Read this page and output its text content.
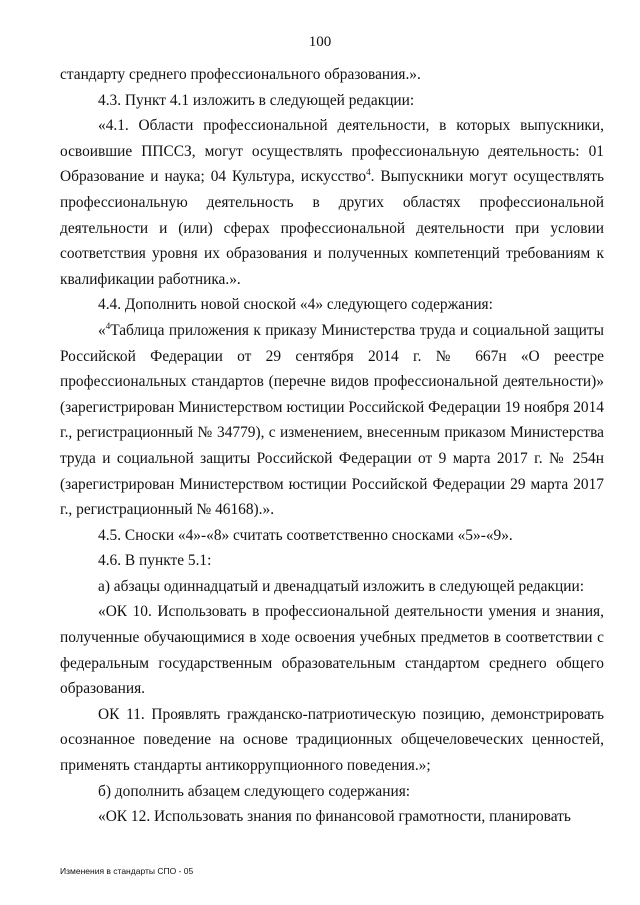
100

стандарту среднего профессионального образования.».

4.3. Пункт 4.1 изложить в следующей редакции:

«4.1. Области профессиональной деятельности, в которых выпускники, освоившие ППССЗ, могут осуществлять профессиональную деятельность: 01 Образование и наука; 04 Культура, искусство$^4$. Выпускники могут осуществлять профессиональную деятельность в других областях профессиональной деятельности и (или) сферах профессиональной деятельности при условии соответствия уровня их образования и полученных компетенций требованиям к квалификации работника.».

4.4. Дополнить новой сноской «4» следующего содержания:

«$^4$Таблица приложения к приказу Министерства труда и социальной защиты Российской Федерации от 29 сентября 2014 г. № 667н «О реестре профессиональных стандартов (перечне видов профессиональной деятельности)» (зарегистрирован Министерством юстиции Российской Федерации 19 ноября 2014 г., регистрационный № 34779), с изменением, внесенным приказом Министерства труда и социальной защиты Российской Федерации от 9 марта 2017 г. № 254н (зарегистрирован Министерством юстиции Российской Федерации 29 марта 2017 г., регистрационный № 46168).».

4.5. Сноски «4»-«8» считать соответственно сносками «5»-«9».

4.6. В пункте 5.1:

а) абзацы одиннадцатый и двенадцатый изложить в следующей редакции:

«ОК 10. Использовать в профессиональной деятельности умения и знания, полученные обучающимися в ходе освоения учебных предметов в соответствии с федеральным государственным образовательным стандартом среднего общего образования.

ОК 11. Проявлять гражданско-патриотическую позицию, демонстрировать осознанное поведение на основе традиционных общечеловеческих ценностей, применять стандарты антикоррупционного поведения.»;

б) дополнить абзацем следующего содержания:

«ОК 12. Использовать знания по финансовой грамотности, планировать

Изменения в стандарты СПО - 05
